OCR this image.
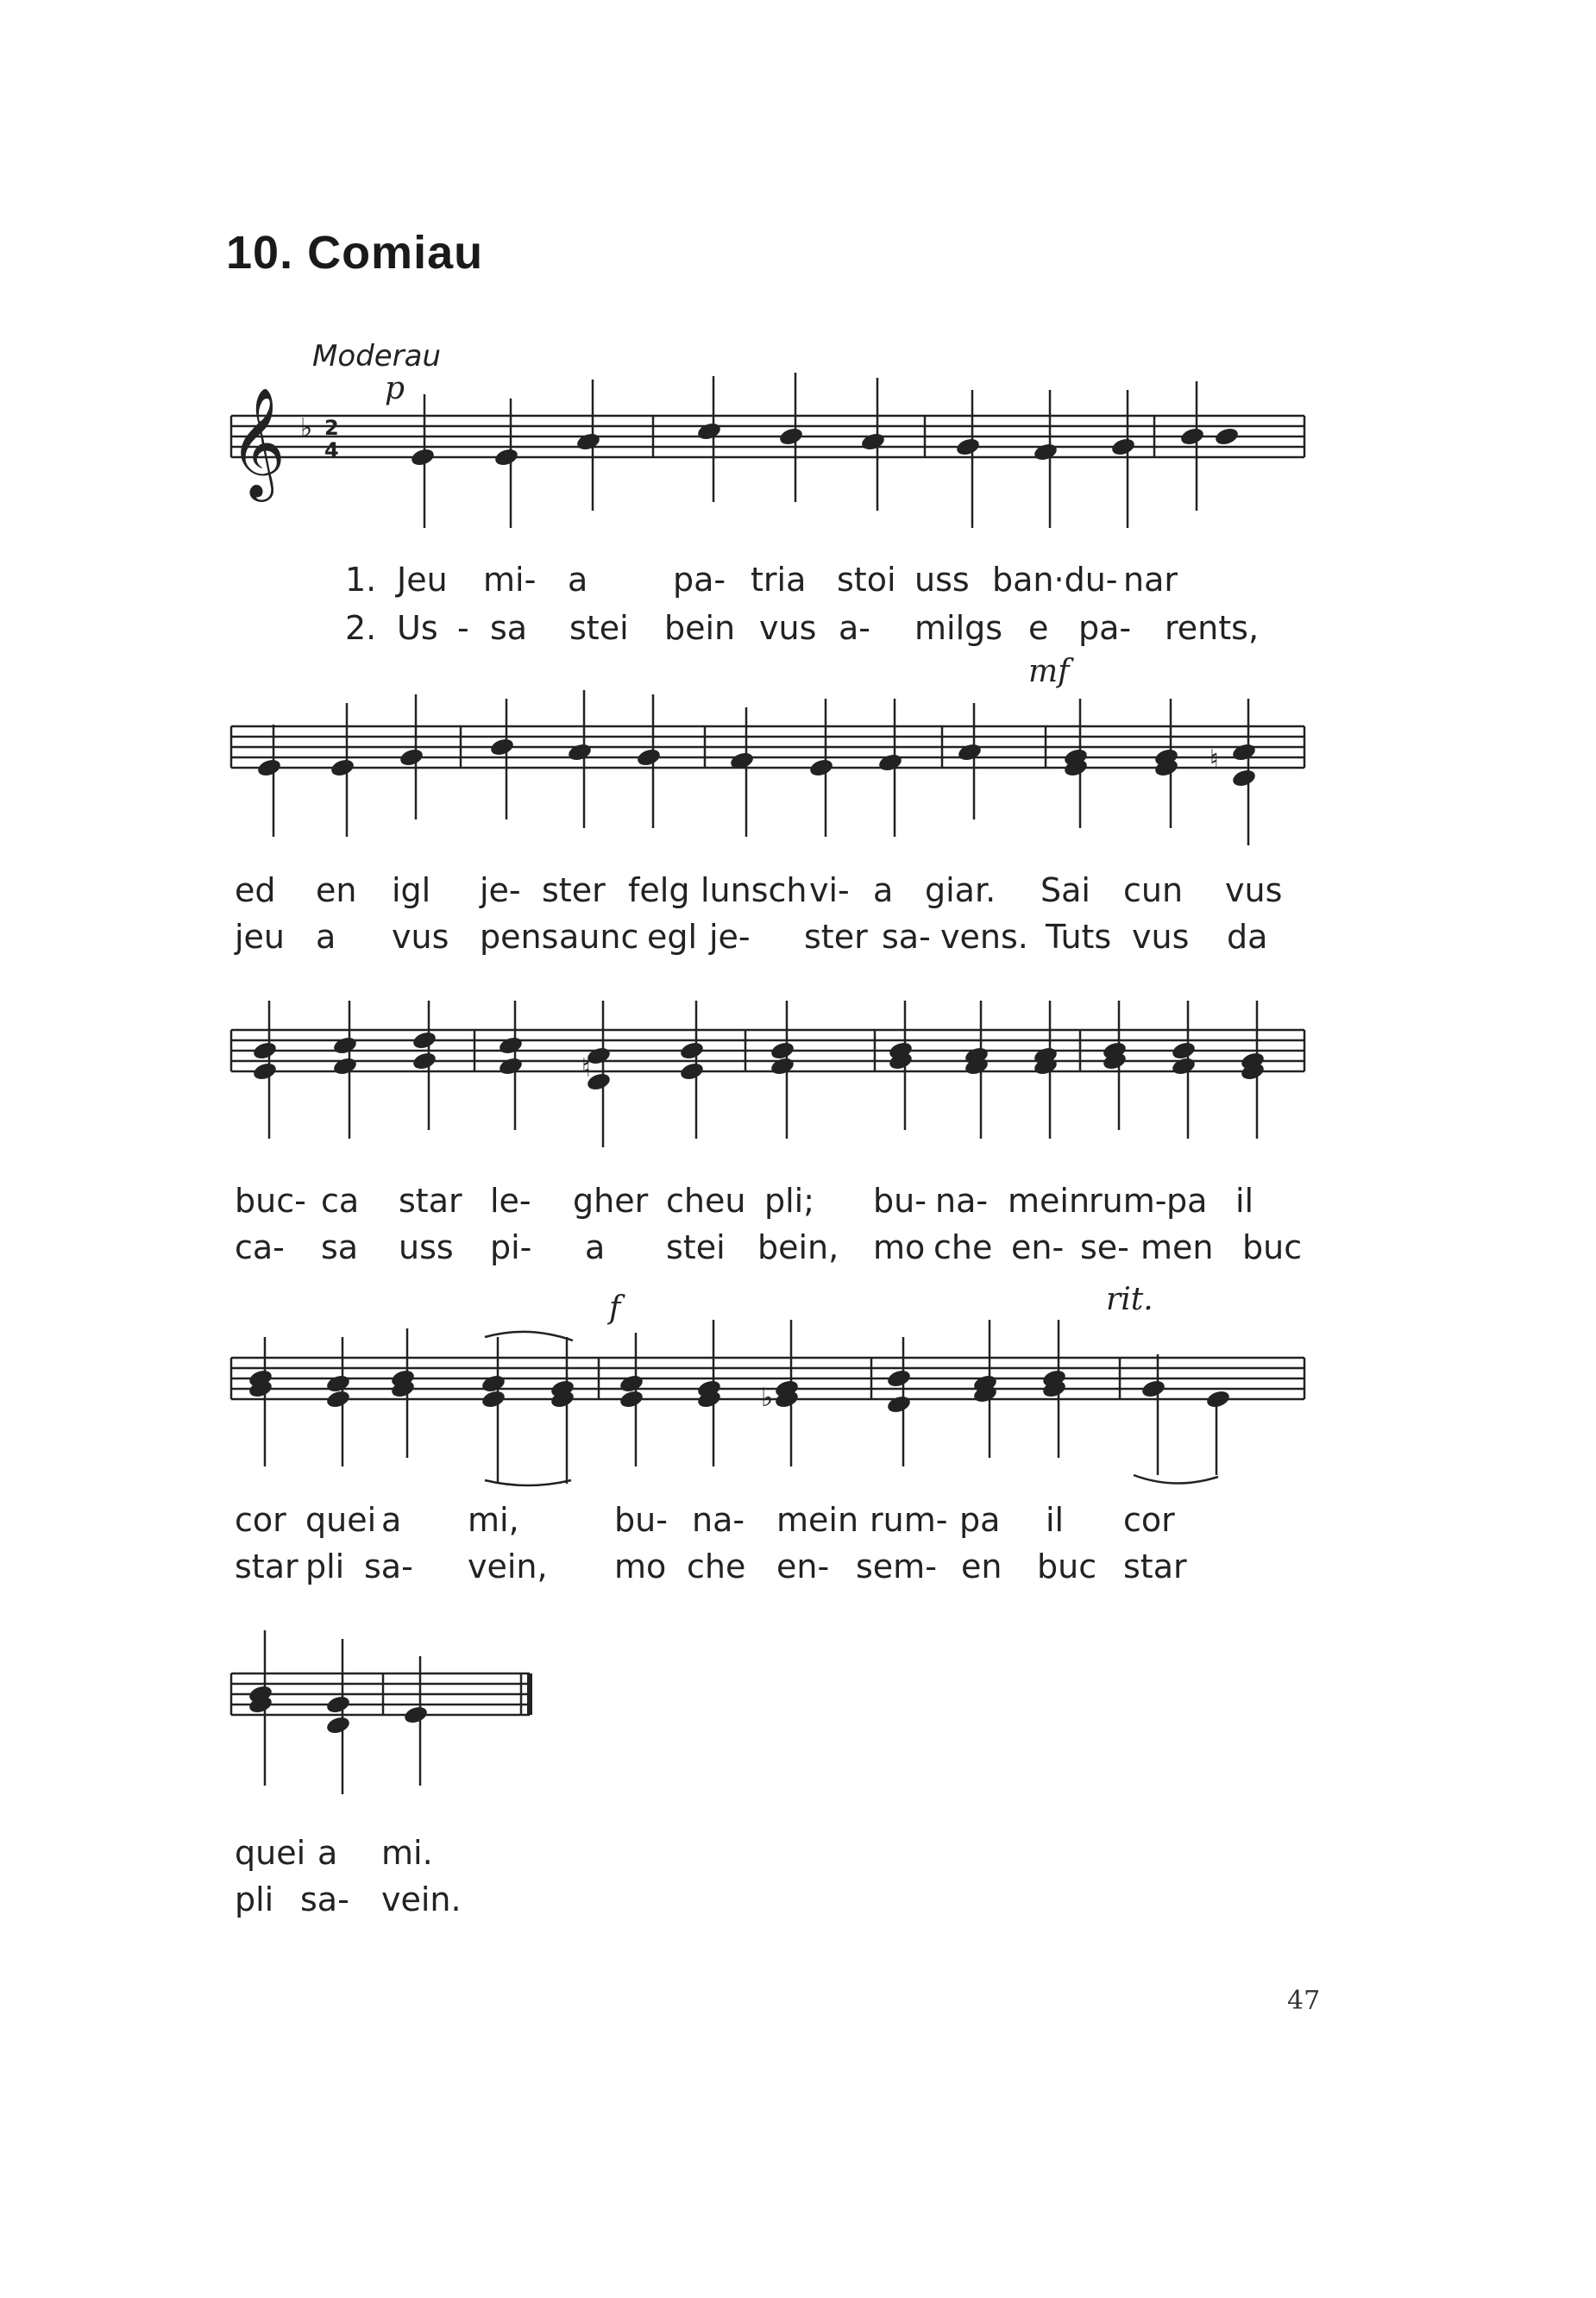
10. Comiau
Moderau
p
mf
f	rit.
𝄞 ♭ 2
4
1. Jeu mi- a	pa- tria stoi uss ban·du- nar
2. Us - sa stei bein vus a- milgs e pa- rents,
♮
ed en igl je- ster felg lunsch vi- a giar. Sai cun vus
jeu a vus pens aunc egl je- ster sa- vens. Tuts vus da
♮
buc- ca star le- gher cheu pli; bu- na- mein
rum- pa il
ca- sa uss pi- a stei bein, mo che en- se- men buc
♭
cor quei a mi,	bu- na- mein rum- pa il cor
star pli sa- vein, mo che en- sem- en buc star
quei a mi.
pli sa- vein.
47
